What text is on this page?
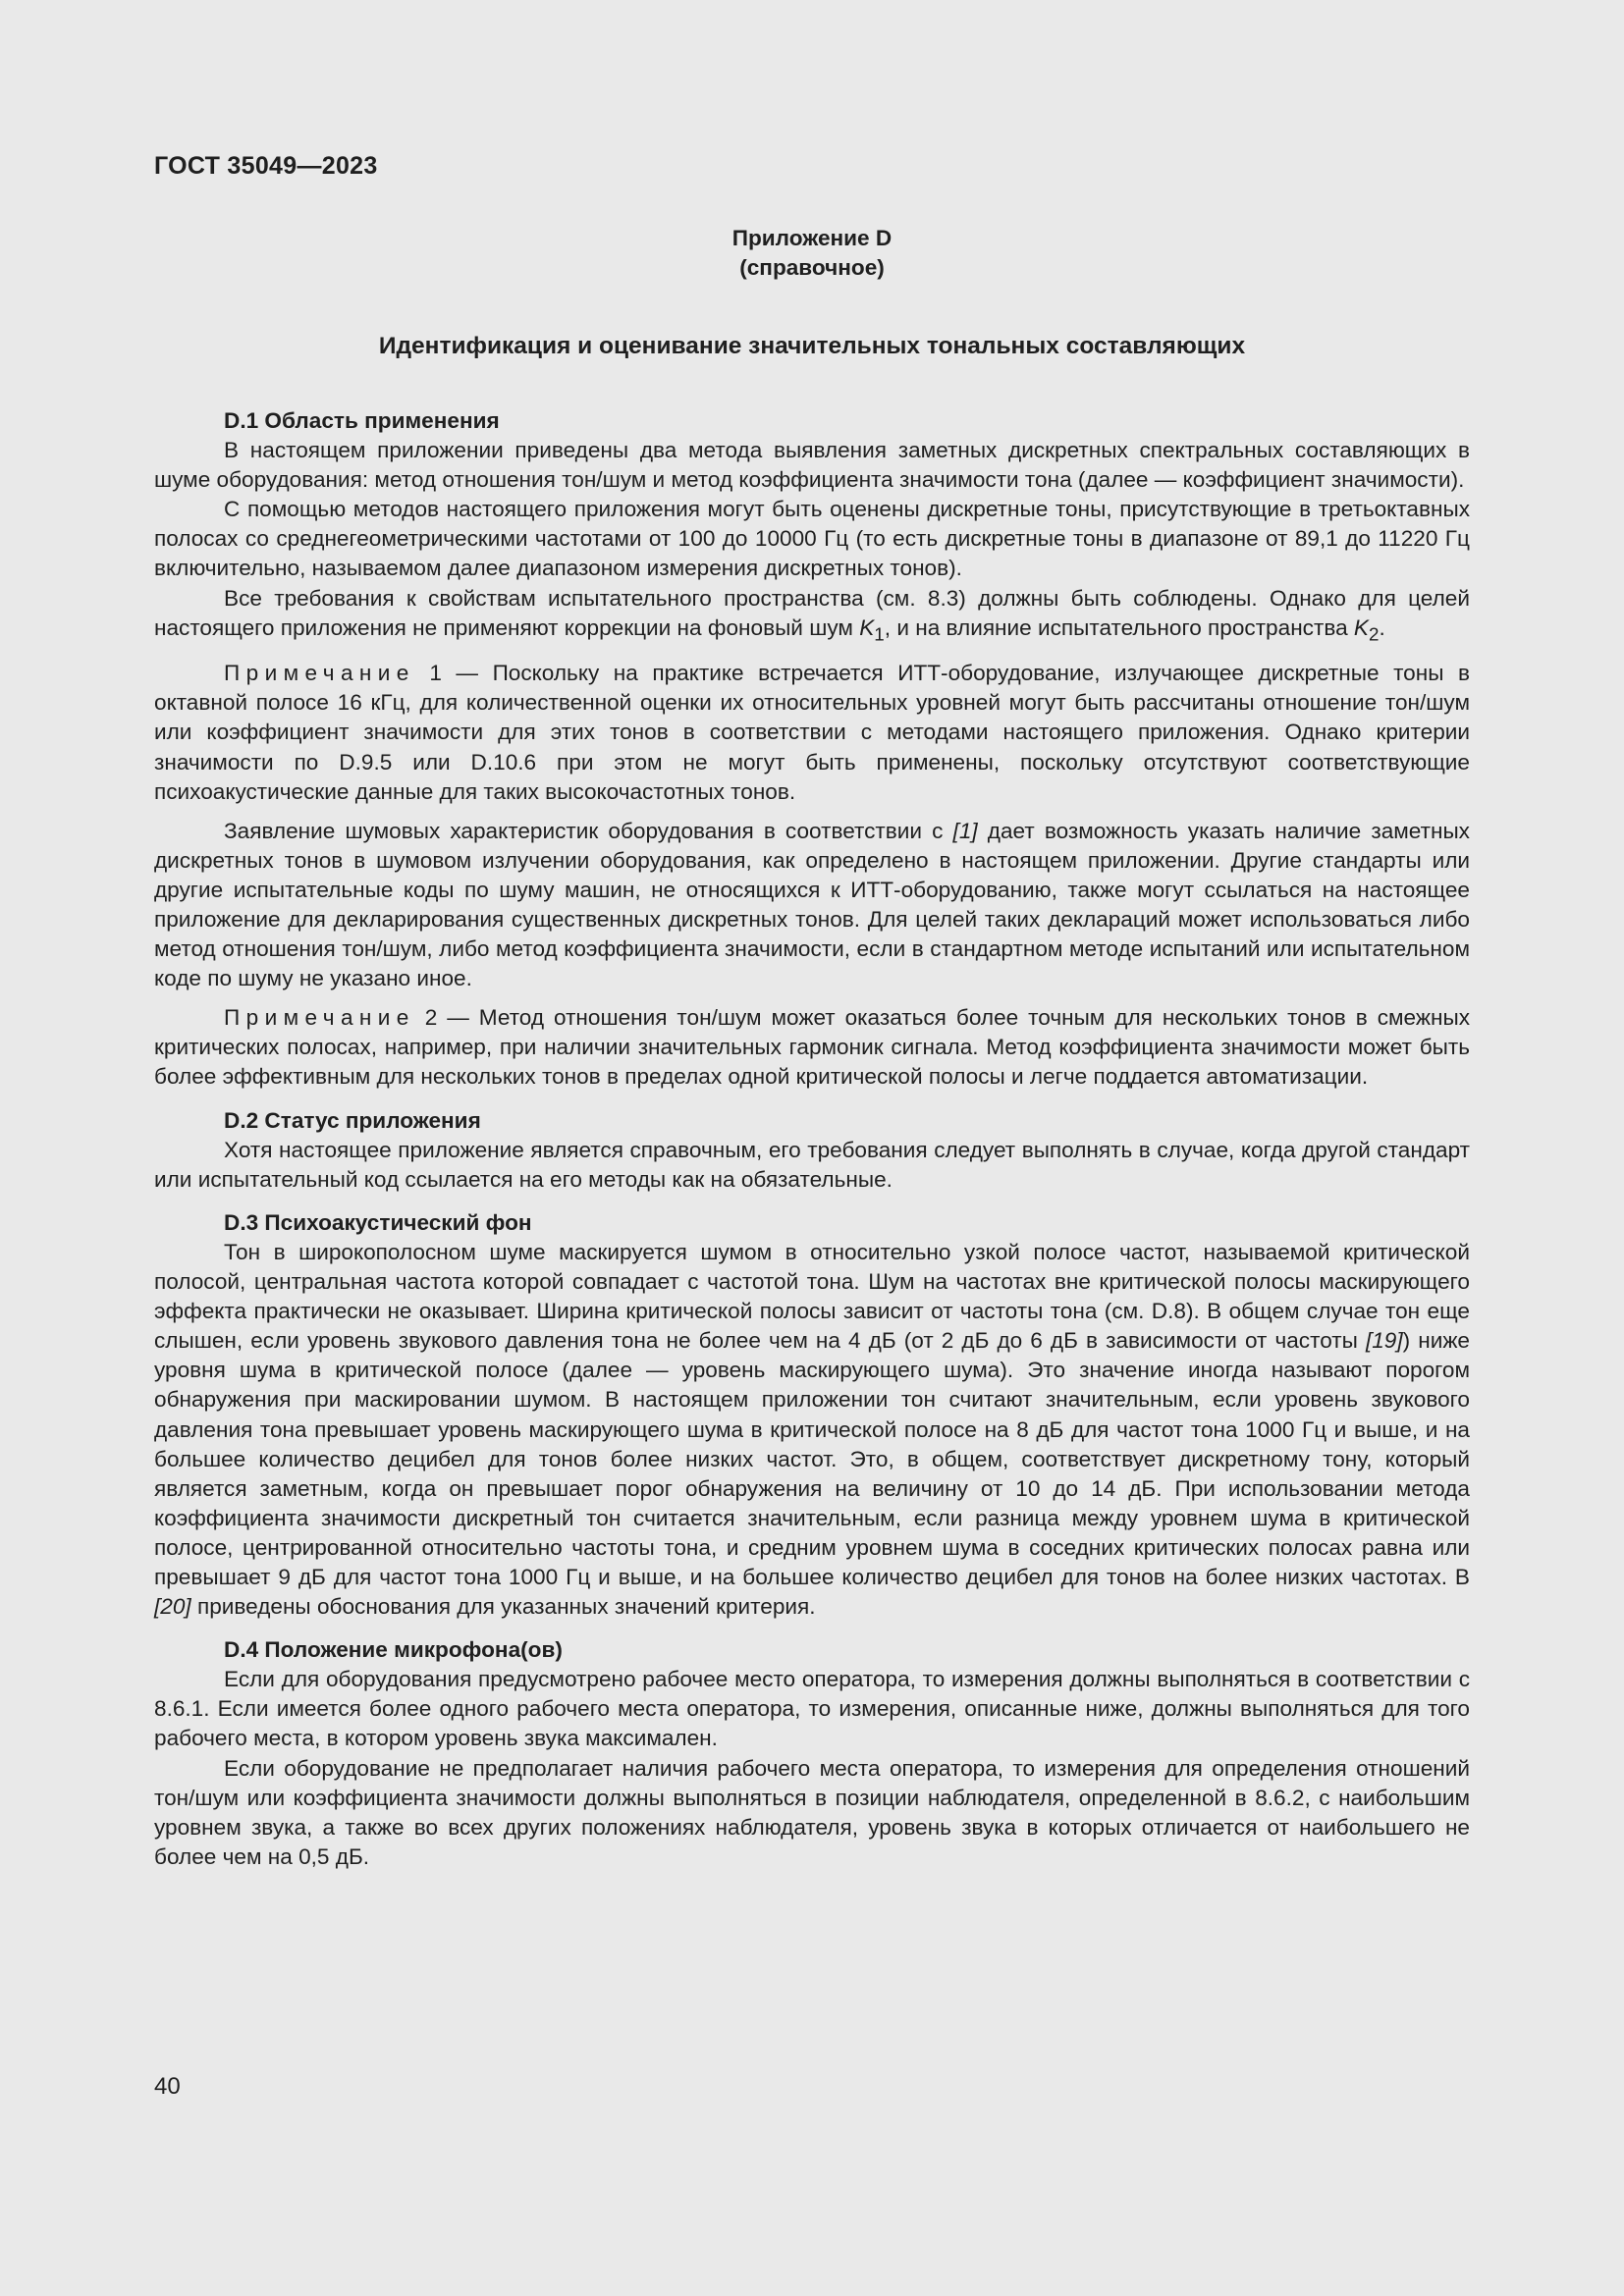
ГОСТ 35049—2023
Приложение D
(справочное)
Идентификация и оценивание значительных тональных составляющих
D.1 Область применения

В настоящем приложении приведены два метода выявления заметных дискретных спектральных составляющих в шуме оборудования: метод отношения тон/шум и метод коэффициента значимости тона (далее — коэффициент значимости).

С помощью методов настоящего приложения могут быть оценены дискретные тоны, присутствующие в третьоктавных полосах со среднегеометрическими частотами от 100 до 10000 Гц (то есть дискретные тоны в диапазоне от 89,1 до 11220 Гц включительно, называемом далее диапазоном измерения дискретных тонов).

Все требования к свойствам испытательного пространства (см. 8.3) должны быть соблюдены. Однако для целей настоящего приложения не применяют коррекции на фоновый шум $K_1$, и на влияние испытательного пространства $K_2$.

Примечание 1 — Поскольку на практике встречается ИТТ-оборудование, излучающее дискретные тоны в октавной полосе 16 кГц, для количественной оценки их относительных уровней могут быть рассчитаны отношение тон/шум или коэффициент значимости для этих тонов в соответствии с методами настоящего приложения. Однако критерии значимости по D.9.5 или D.10.6 при этом не могут быть применены, поскольку отсутствуют соответствующие психоакустические данные для таких высокочастотных тонов.

Заявление шумовых характеристик оборудования в соответствии с [1] дает возможность указать наличие заметных дискретных тонов в шумовом излучении оборудования, как определено в настоящем приложении. Другие стандарты или другие испытательные коды по шуму машин, не относящихся к ИТТ-оборудованию, также могут ссылаться на настоящее приложение для декларирования существенных дискретных тонов. Для целей таких деклараций может использоваться либо метод отношения тон/шум, либо метод коэффициента значимости, если в стандартном методе испытаний или испытательном коде по шуму не указано иное.

Примечание 2 — Метод отношения тон/шум может оказаться более точным для нескольких тонов в смежных критических полосах, например, при наличии значительных гармоник сигнала. Метод коэффициента значимости может быть более эффективным для нескольких тонов в пределах одной критической полосы и легче поддается автоматизации.

D.2 Статус приложения

Хотя настоящее приложение является справочным, его требования следует выполнять в случае, когда другой стандарт или испытательный код ссылается на его методы как на обязательные.

D.3 Психоакустический фон

Тон в широкополосном шуме маскируется шумом в относительно узкой полосе частот, называемой критической полосой, центральная частота которой совпадает с частотой тона. Шум на частотах вне критической полосы маскирующего эффекта практически не оказывает. Ширина критической полосы зависит от частоты тона (см. D.8). В общем случае тон еще слышен, если уровень звукового давления тона не более чем на 4 дБ (от 2 дБ до 6 дБ в зависимости от частоты [19]) ниже уровня шума в критической полосе (далее — уровень маскирующего шума). Это значение иногда называют порогом обнаружения при маскировании шумом. В настоящем приложении тон считают значительным, если уровень звукового давления тона превышает уровень маскирующего шума в критической полосе на 8 дБ для частот тона 1000 Гц и выше, и на большее количество децибел для тонов более низких частот. Это, в общем, соответствует дискретному тону, который является заметным, когда он превышает порог обнаружения на величину от 10 до 14 дБ. При использовании метода коэффициента значимости дискретный тон считается значительным, если разница между уровнем шума в критической полосе, центрированной относительно частоты тона, и средним уровнем шума в соседних критических полосах равна или превышает 9 дБ для частот тона 1000 Гц и выше, и на большее количество децибел для тонов на более низких частотах. В [20] приведены обоснования для указанных значений критерия.

D.4 Положение микрофона(ов)

Если для оборудования предусмотрено рабочее место оператора, то измерения должны выполняться в соответствии с 8.6.1. Если имеется более одного рабочего места оператора, то измерения, описанные ниже, должны выполняться для того рабочего места, в котором уровень звука максимален.

Если оборудование не предполагает наличия рабочего места оператора, то измерения для определения отношений тон/шум или коэффициента значимости должны выполняться в позиции наблюдателя, определенной в 8.6.2, с наибольшим уровнем звука, а также во всех других положениях наблюдателя, уровень звука в которых отличается от наибольшего не более чем на 0,5 дБ.

40
